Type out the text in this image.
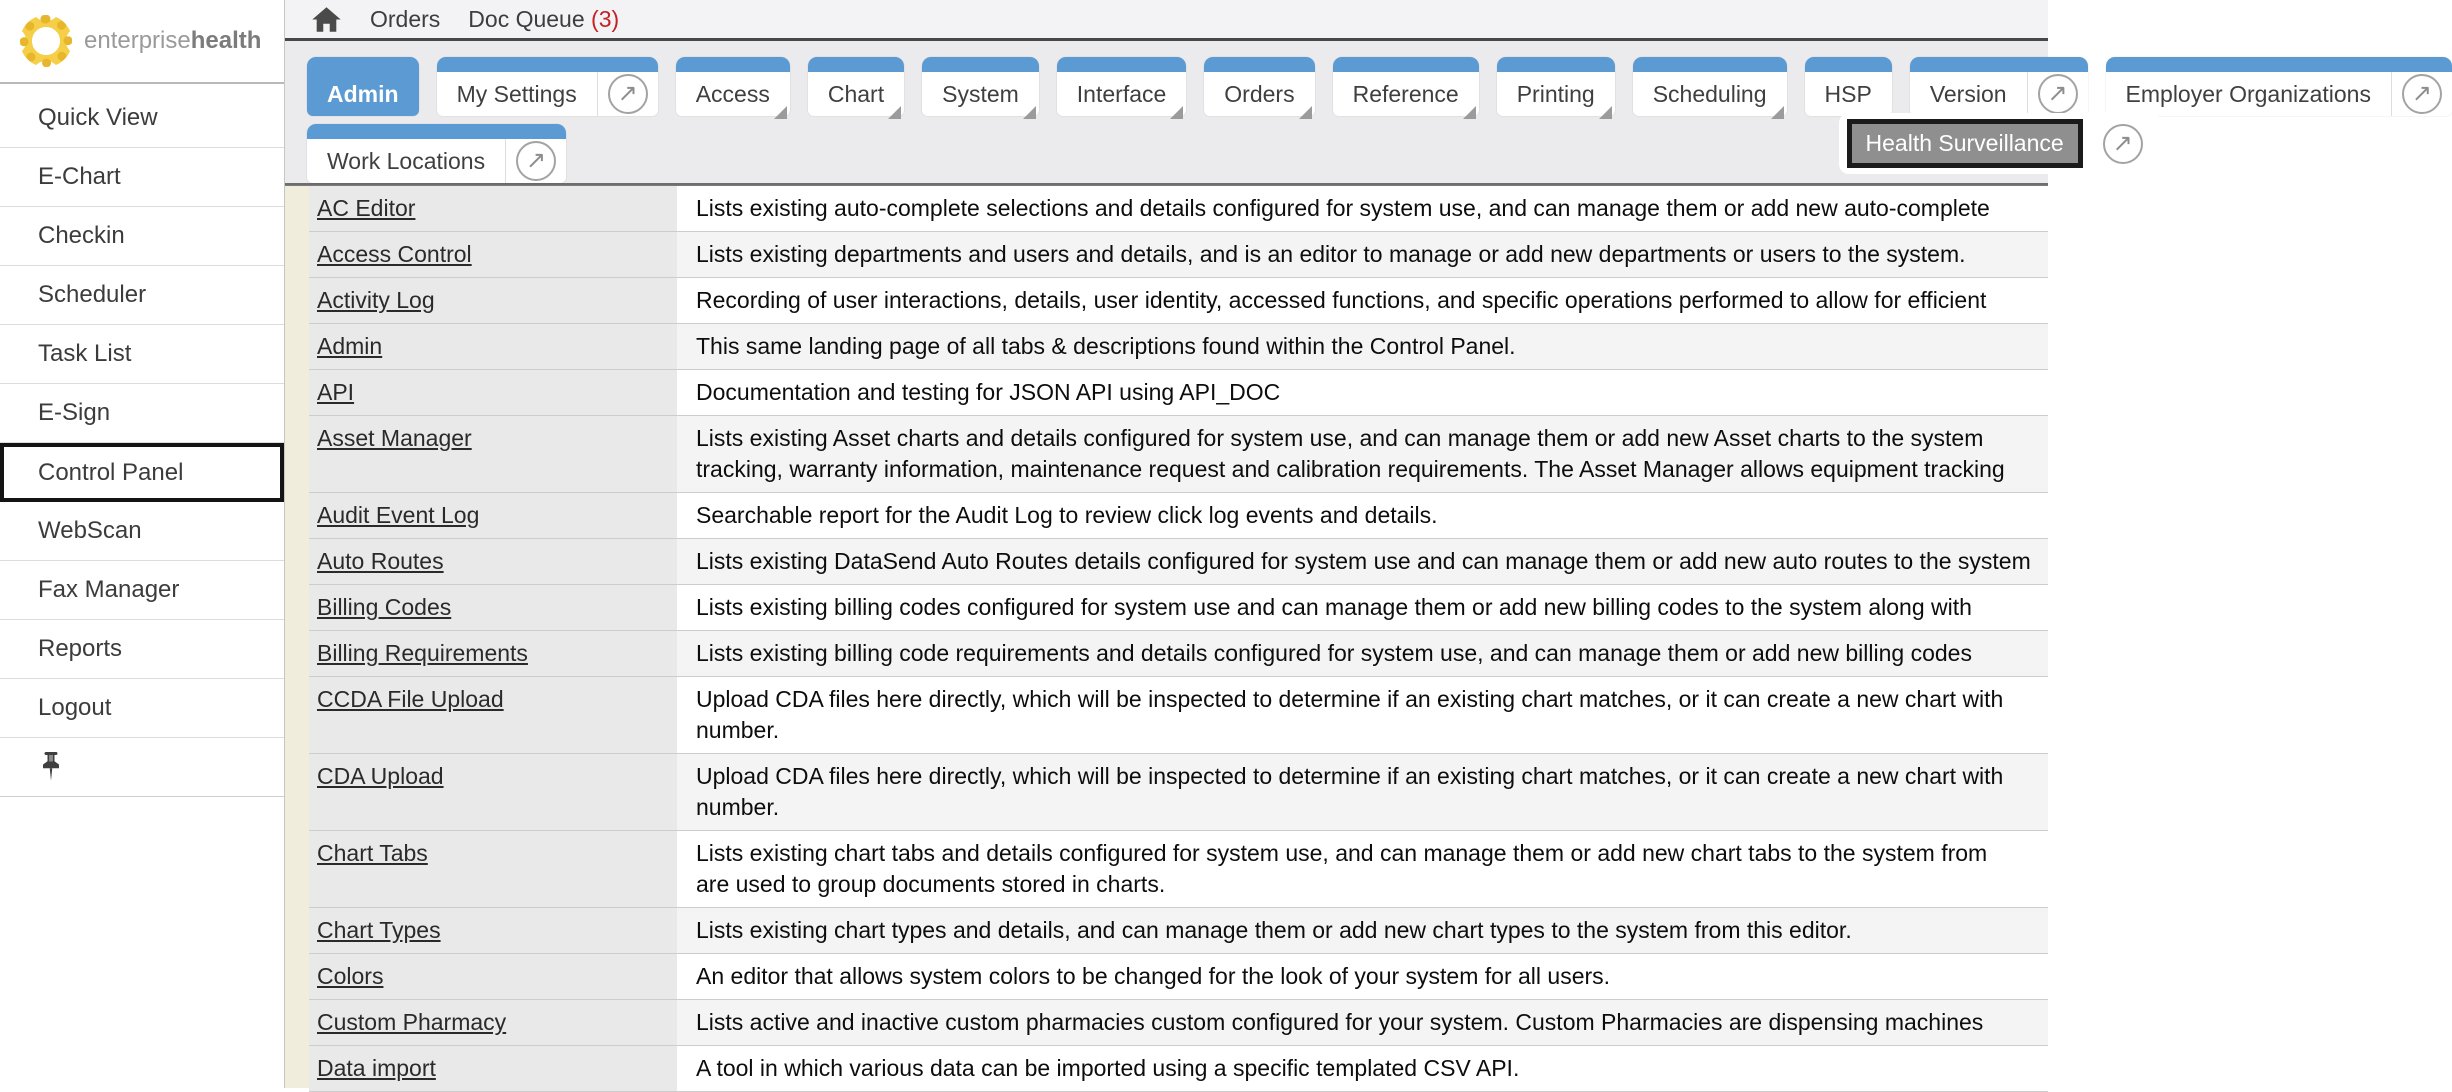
enterprisehealth
Quick View
E-Chart
Checkin
Scheduler
Task List
E-Sign
Control Panel
WebScan
Fax Manager
Reports
Logout
Orders Doc Queue (3)
Admin	My Settings	↗	Access	Chart	System	Interface	Orders	Reference	Printing	Scheduling	HSP
Health Surveillance	↗
Version	↗	Employer Organizations	↗
Work Locations	↗
AC Editor	Lists existing auto-complete selections and details configured for system use, and can manage them or add new auto-complete
Access Control	Lists existing departments and users and details, and is an editor to manage or add new departments or users to the system.
Activity Log	Recording of user interactions, details, user identity, accessed functions, and specific operations performed to allow for efficient
Admin	This same landing page of all tabs & descriptions found within the Control Panel.
API	Documentation and testing for JSON API using API_DOC
Asset Manager	Lists existing Asset charts and details configured for system use, and can manage them or add new Asset charts to the system
tracking, warranty information, maintenance request and calibration requirements. The Asset Manager allows equipment tracking
Audit Event Log	Searchable report for the Audit Log to review click log events and details.
Auto Routes	Lists existing DataSend Auto Routes details configured for system use and can manage them or add new auto routes to the system
Billing Codes	Lists existing billing codes configured for system use and can manage them or add new billing codes to the system along with
Billing Requirements	Lists existing billing code requirements and details configured for system use, and can manage them or add new billing codes
CCDA File Upload	Upload CDA files here directly, which will be inspected to determine if an existing chart matches, or it can create a new chart with
number.
CDA Upload	Upload CDA files here directly, which will be inspected to determine if an existing chart matches, or it can create a new chart with
number.
Chart Tabs	Lists existing chart tabs and details configured for system use, and can manage them or add new chart tabs to the system from
are used to group documents stored in charts.
Chart Types	Lists existing chart types and details, and can manage them or add new chart types to the system from this editor.
Colors	An editor that allows system colors to be changed for the look of your system for all users.
Custom Pharmacy	Lists active and inactive custom pharmacies custom configured for your system. Custom Pharmacies are dispensing machines
Data import	A tool in which various data can be imported using a specific templated CSV API.
